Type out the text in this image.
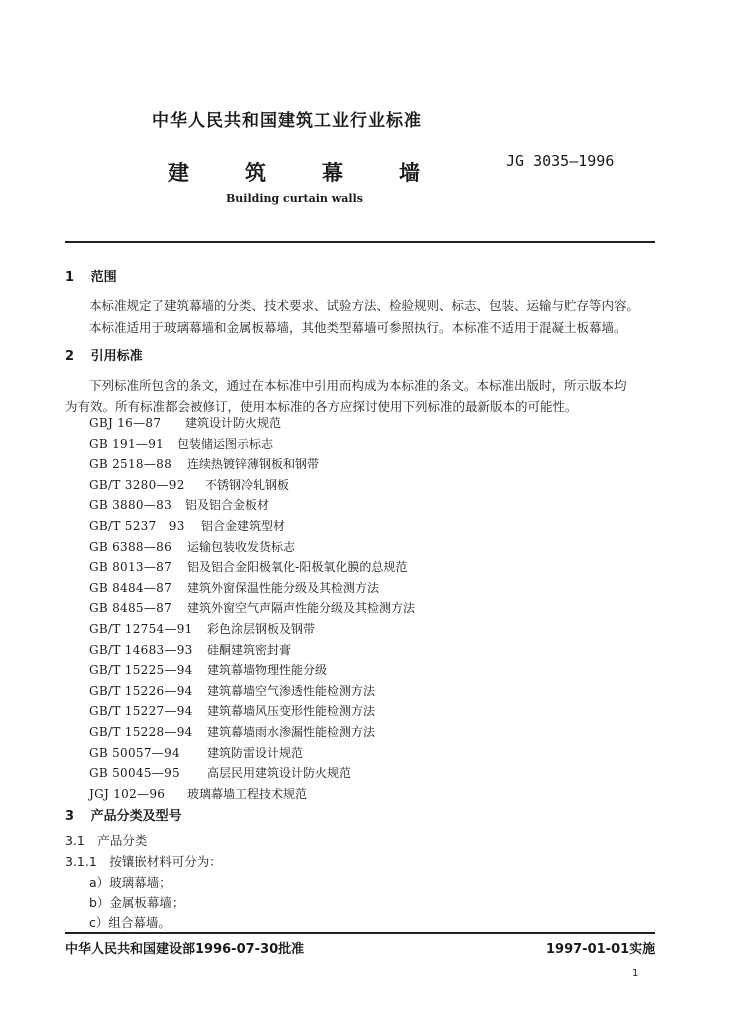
中华人民共和国建筑工业行业标准
建筑幕墙 JG 3035—1996
Building curtain walls
1 范围
本标准规定了建筑幕墙的分类、技术要求、试验方法、检验规则、标志、包装、运输与贮存等内容。
本标准适用于玻璃幕墙和金属板幕墙，其他类型幕墙可参照执行。本标准不适用于混凝土板幕墙。
2 引用标准
下列标准所包含的条文，通过在本标准中引用而构成为本标准的条文。本标准出版时，所示版本均
为有效。所有标准都会被修订，使用本标准的各方应探讨使用下列标准的最新版本的可能性。
GBJ 16—87 建筑设计防火规范
GB 191—91 包装储运图示标志
GB 2518—88 连续热镀锌薄钢板和钢带
GB/T 3280—92 不锈钢冷轧钢板
GB 3880—83 铝及铝合金板材
GB/T 5237　93 铝合金建筑型材
GB 6388—86 运输包装收发货标志
GB 8013—87 铝及铝合金阳极氧化-阳极氧化膜的总规范
GB 8484—87 建筑外窗保温性能分级及其检测方法
GB 8485—87 建筑外窗空气声隔声性能分级及其检测方法
GB/T 12754—91 彩色涂层钢板及钢带
GB/T 14683—93 硅酮建筑密封膏
GB/T 15225—94 建筑幕墙物理性能分级
GB/T 15226—94 建筑幕墙空气渗透性能检测方法
GB/T 15227—94 建筑幕墙风压变形性能检测方法
GB/T 15228—94 建筑幕墙雨水渗漏性能检测方法
GB 50057—94 建筑防雷设计规范
GB 50045—95 高层民用建筑设计防火规范
JGJ 102—96 玻璃幕墙工程技术规范
3 产品分类及型号
3.1　产品分类
3.1.1　按镶嵌材料可分为：
a）玻璃幕墙；
b）金属板幕墙；
c）组合幕墙。
中华人民共和国建设部1996-07-30批准	1997-01-01实施
1
